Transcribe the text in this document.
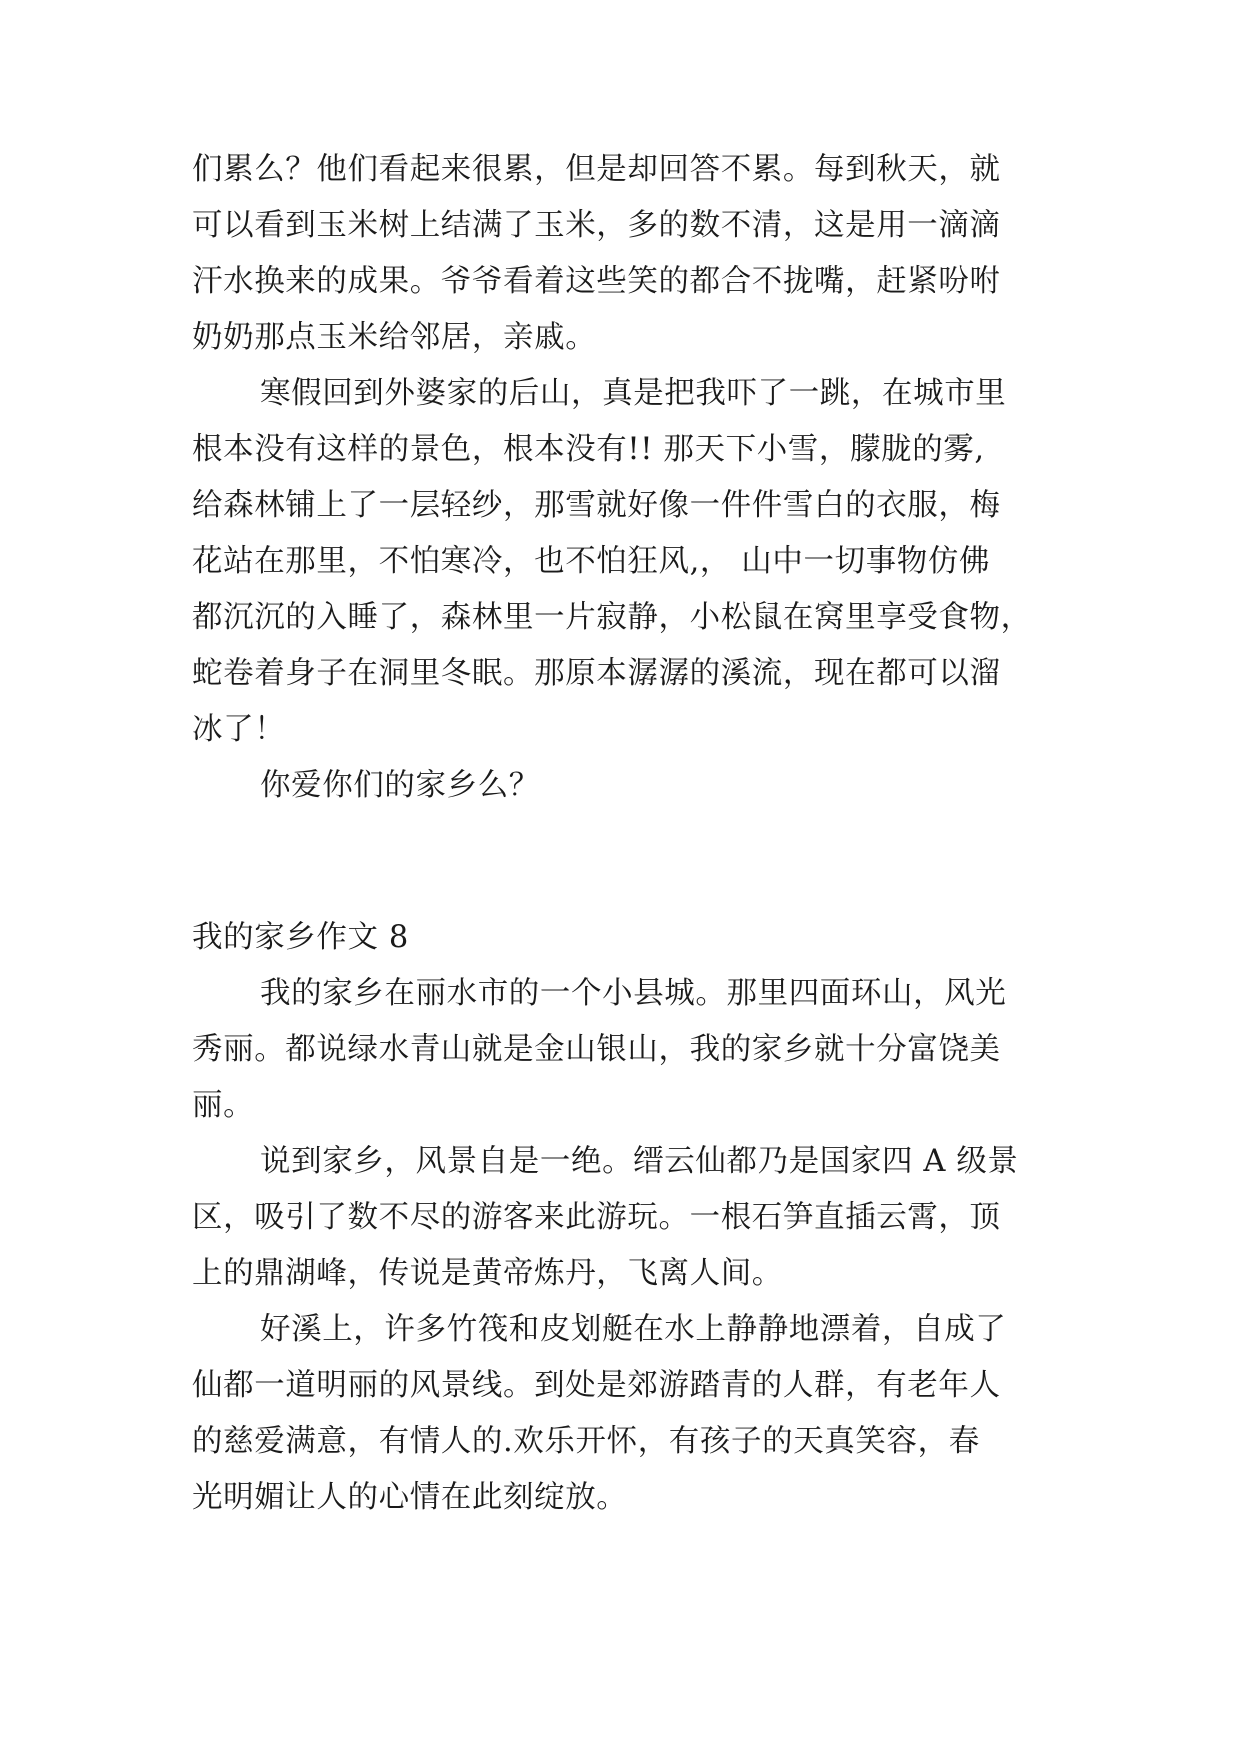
们累么？他们看起来很累，但是却回答不累。每到秋天，就
可以看到玉米树上结满了玉米，多的数不清，这是用一滴滴
汗水换来的成果。爷爷看着这些笑的都合不拢嘴，赶紧吩咐
奶奶那点玉米给邻居，亲戚。
寒假回到外婆家的后山，真是把我吓了一跳，在城市里
根本没有这样的景色，根本没有!! 那天下小雪，朦胧的雾,
给森林铺上了一层轻纱，那雪就好像一件件雪白的衣服，梅
花站在那里，不怕寒冷，也不怕狂风,， 山中一切事物仿佛
都沉沉的入睡了，森林里一片寂静，小松鼠在窝里享受食物，
蛇卷着身子在洞里冬眠。那原本潺潺的溪流，现在都可以溜
冰了！
你爱你们的家乡么？
我的家乡作文 8
我的家乡在丽水市的一个小县城。那里四面环山，风光
秀丽。都说绿水青山就是金山银山，我的家乡就十分富饶美
丽。
说到家乡，风景自是一绝。缙云仙都乃是国家四 A 级景
区，吸引了数不尽的游客来此游玩。一根石笋直插云霄，顶
上的鼎湖峰，传说是黄帝炼丹，飞离人间。
好溪上，许多竹筏和皮划艇在水上静静地漂着，自成了
仙都一道明丽的风景线。到处是郊游踏青的人群，有老年人
的慈爱满意，有情人的.欢乐开怀，有孩子的天真笑容，春
光明媚让人的心情在此刻绽放。
